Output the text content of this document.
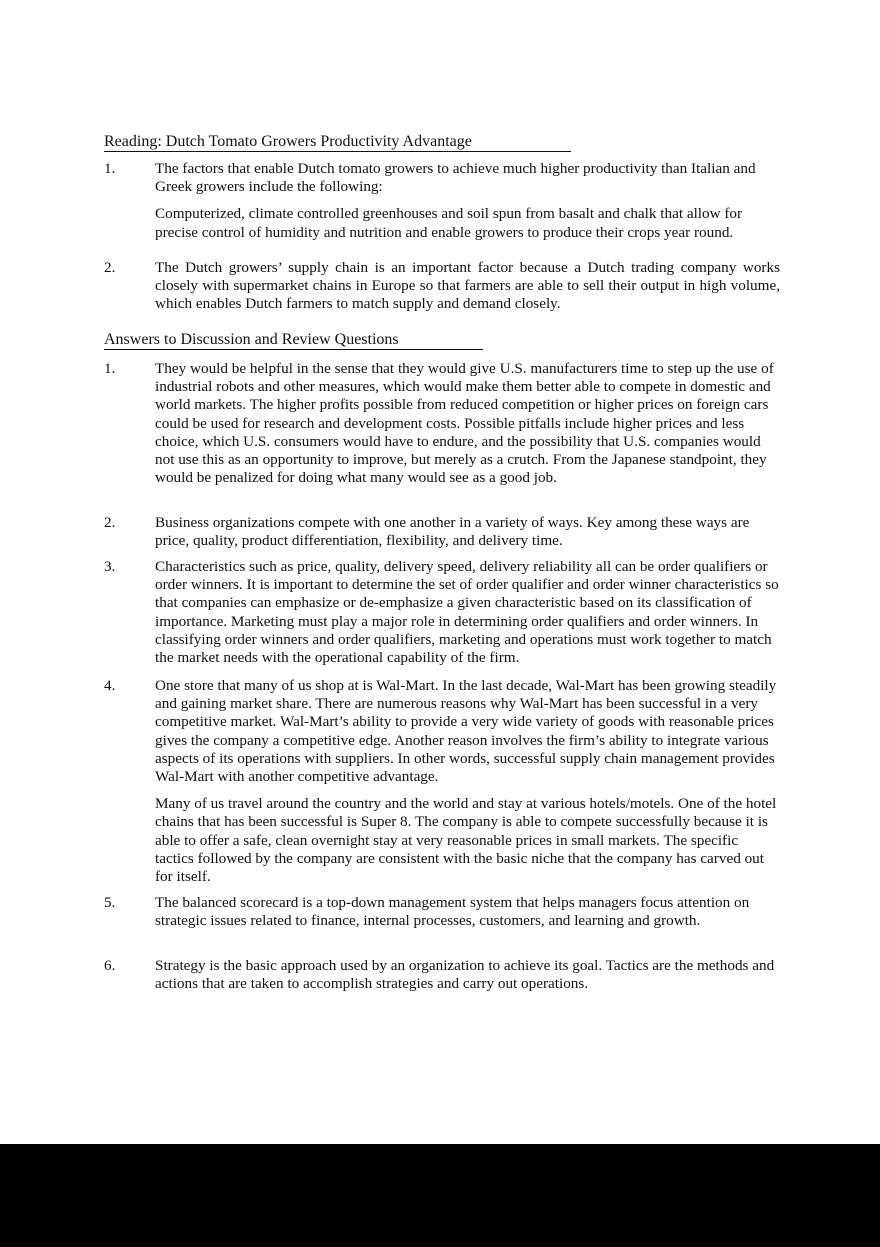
Reading: Dutch Tomato Growers Productivity Advantage
1.	The factors that enable Dutch tomato growers to achieve much higher productivity than Italian and Greek growers include the following:

Computerized, climate controlled greenhouses and soil spun from basalt and chalk that allow for precise control of humidity and nutrition and enable growers to produce their crops year round.

2.	The Dutch growers’ supply chain is an important factor because a Dutch trading company works closely with supermarket chains in Europe so that farmers are able to sell their output in high volume, which enables Dutch farmers to match supply and demand closely.

Answers to Discussion and Review Questions
1.	They would be helpful in the sense that they would give U.S. manufacturers time to step up the use of industrial robots and other measures, which would make them better able to compete in domestic and world markets. The higher profits possible from reduced competition or higher prices on foreign cars could be used for research and development costs. Possible pitfalls include higher prices and less choice, which U.S. consumers would have to endure, and the possibility that U.S. companies would not use this as an opportunity to improve, but merely as a crutch. From the Japanese standpoint, they would be penalized for doing what many would see as a good job.

2.	Business organizations compete with one another in a variety of ways. Key among these ways are price, quality, product differentiation, flexibility, and delivery time.

3.	Characteristics such as price, quality, delivery speed, delivery reliability all can be order qualifiers or order winners. It is important to determine the set of order qualifier and order winner characteristics so that companies can emphasize or de-emphasize a given characteristic based on its classification of importance. Marketing must play a major role in determining order qualifiers and order winners. In classifying order winners and order qualifiers, marketing and operations must work together to match the market needs with the operational capability of the firm.

4.	One store that many of us shop at is Wal-Mart. In the last decade, Wal-Mart has been growing steadily and gaining market share. There are numerous reasons why Wal-Mart has been successful in a very competitive market. Wal-Mart’s ability to provide a very wide variety of goods with reasonable prices gives the company a competitive edge. Another reason involves the firm’s ability to integrate various aspects of its operations with suppliers. In other words, successful supply chain management provides Wal-Mart with another competitive advantage.

Many of us travel around the country and the world and stay at various hotels/motels. One of the hotel chains that has been successful is Super 8. The company is able to compete successfully because it is able to offer a safe, clean overnight stay at very reasonable prices in small markets. The specific tactics followed by the company are consistent with the basic niche that the company has carved out for itself.

5.	The balanced scorecard is a top-down management system that helps managers focus attention on strategic issues related to finance, internal processes, customers, and learning and growth.

6.	Strategy is the basic approach used by an organization to achieve its goal. Tactics are the methods and actions that are taken to accomplish strategies and carry out operations.
